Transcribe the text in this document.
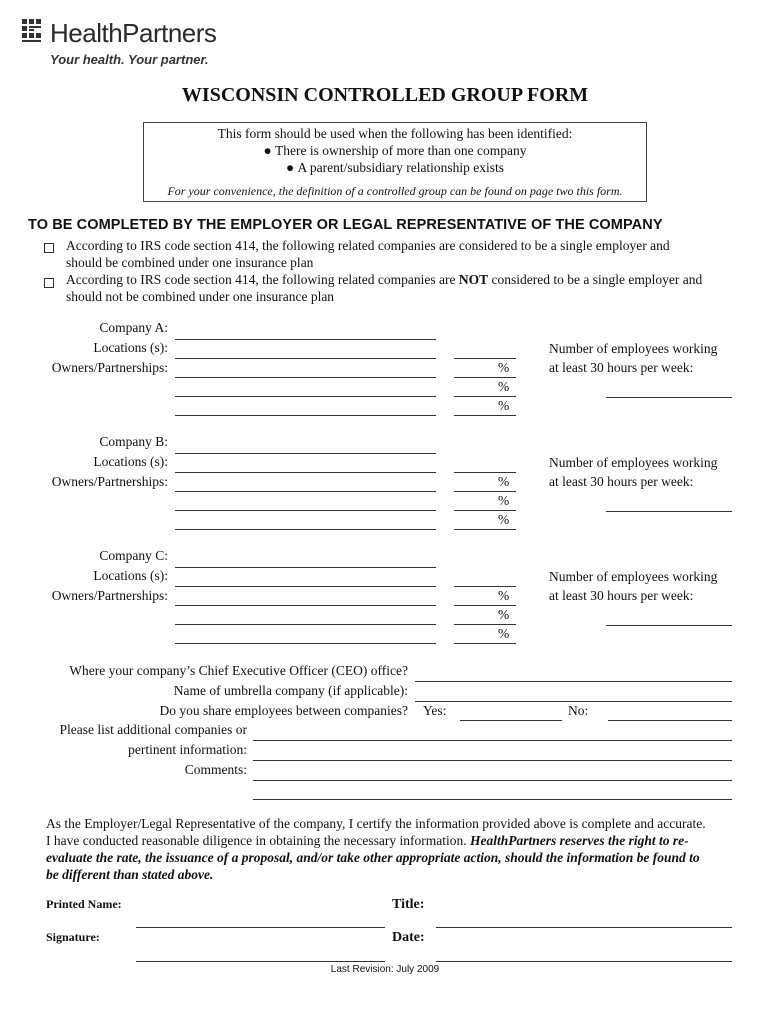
HealthPartners
Your health. Your partner.
WISCONSIN CONTROLLED GROUP FORM
This form should be used when the following has been identified:
● There is ownership of more than one company
● A parent/subsidiary relationship exists
For your convenience, the definition of a controlled group can be found on page two this form.
TO BE COMPLETED BY THE EMPLOYER OR LEGAL REPRESENTATIVE OF THE COMPANY
According to IRS code section 414, the following related companies are considered to be a single employer and
should be combined under one insurance plan
According to IRS code section 414, the following related companies are NOT considered to be a single employer and
should not be combined under one insurance plan
Company A:
Locations (s):
Owners/Partnerships:	%
%
%
Number of employees working
at least 30 hours per week:
Company B:
Locations (s):
Owners/Partnerships:	%
%
%
Number of employees working
at least 30 hours per week:
Company C:
Locations (s):
Owners/Partnerships:	%
%
%
Number of employees working
at least 30 hours per week:
Where your company’s Chief Executive Officer (CEO) office?
Name of umbrella company (if applicable):
Do you share employees between companies? Yes:	No:
Please list additional companies or
pertinent information:
Comments:
As the Employer/Legal Representative of the company, I certify the information provided above is complete and accurate.
I have conducted reasonable diligence in obtaining the necessary information. HealthPartners reserves the right to re-
evaluate the rate, the issuance of a proposal, and/or take other appropriate action, should the information be found to
be different than stated above.
Printed Name:	Title:
Signature:	Date:
Last Revision: July 2009
